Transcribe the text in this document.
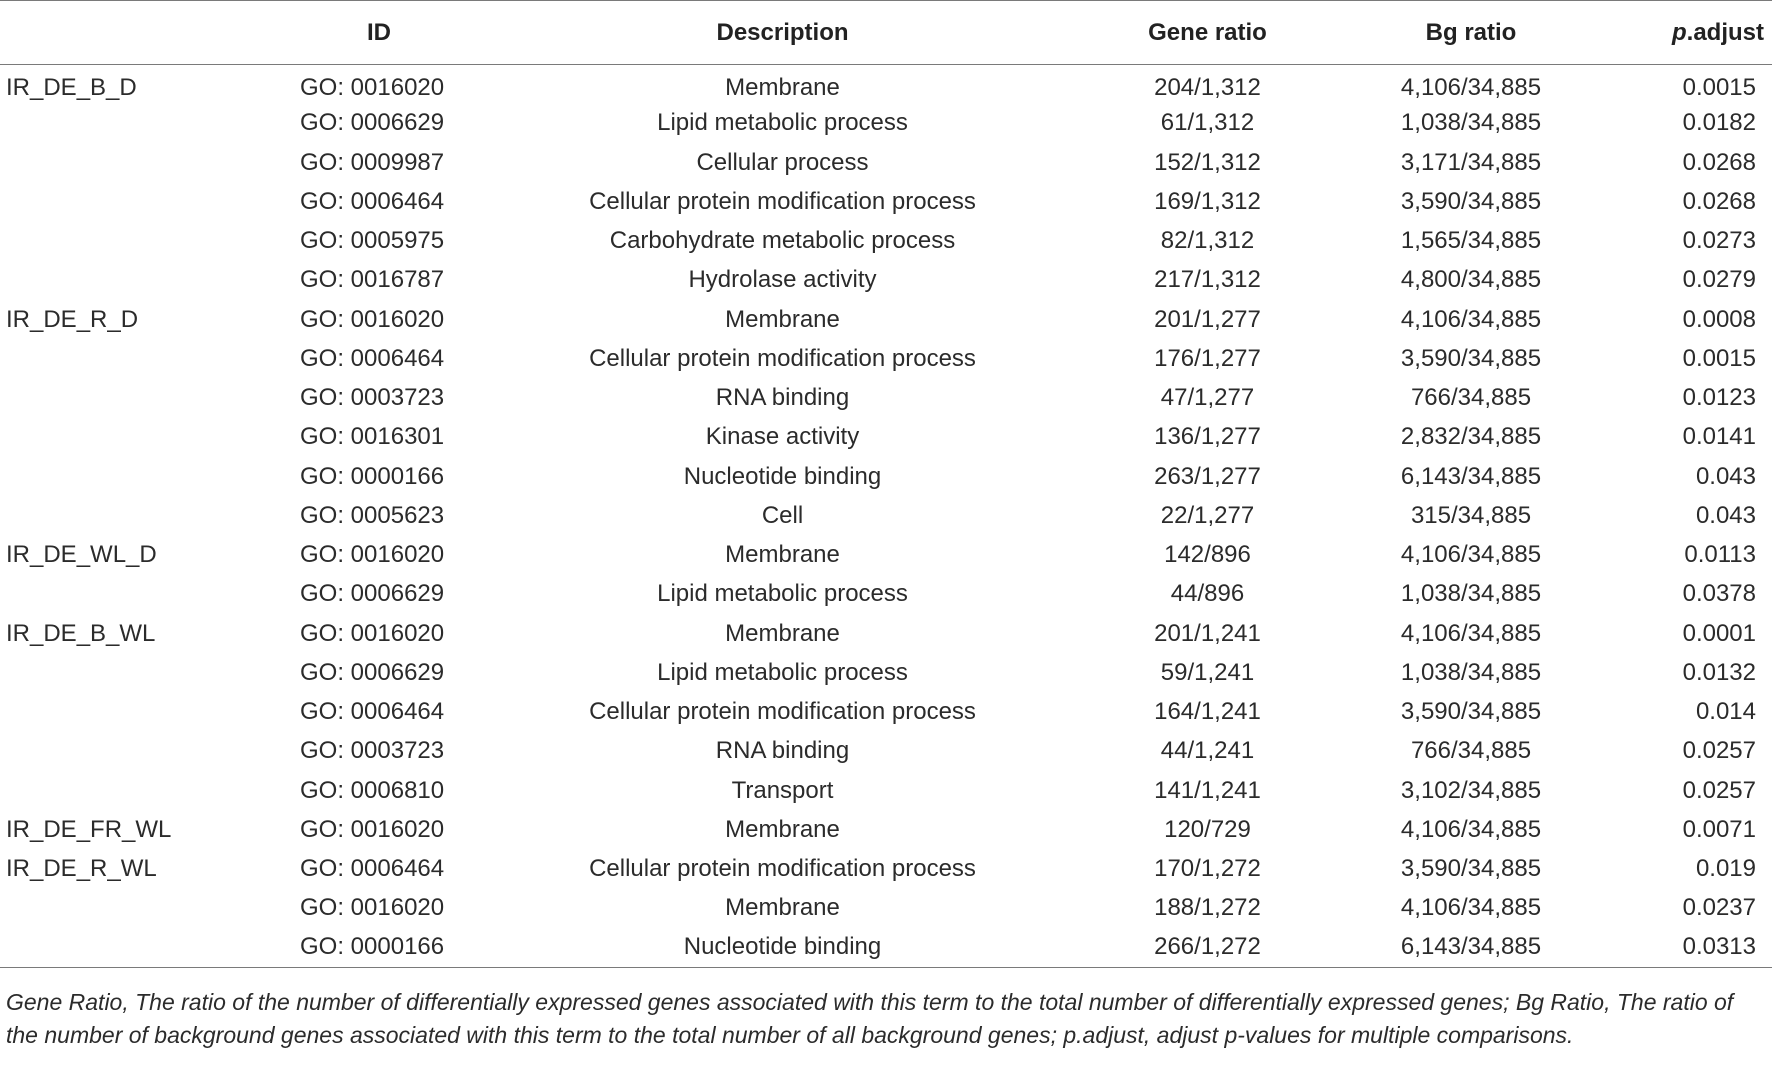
	ID	Description	Gene ratio	Bg ratio	p.adjust
IR_DE_B_D	GO: 0016020	Membrane	204/1,312	4,106/34,885	0.0015
	GO: 0006629	Lipid metabolic process	61/1,312	1,038/34,885	0.0182
	GO: 0009987	Cellular process	152/1,312	3,171/34,885	0.0268
	GO: 0006464	Cellular protein modification process	169/1,312	3,590/34,885	0.0268
	GO: 0005975	Carbohydrate metabolic process	82/1,312	1,565/34,885	0.0273
	GO: 0016787	Hydrolase activity	217/1,312	4,800/34,885	0.0279
IR_DE_R_D	GO: 0016020	Membrane	201/1,277	4,106/34,885	0.0008
	GO: 0006464	Cellular protein modification process	176/1,277	3,590/34,885	0.0015
	GO: 0003723	RNA binding	47/1,277	766/34,885	0.0123
	GO: 0016301	Kinase activity	136/1,277	2,832/34,885	0.0141
	GO: 0000166	Nucleotide binding	263/1,277	6,143/34,885	0.043
	GO: 0005623	Cell	22/1,277	315/34,885	0.043
IR_DE_WL_D	GO: 0016020	Membrane	142/896	4,106/34,885	0.0113
	GO: 0006629	Lipid metabolic process	44/896	1,038/34,885	0.0378
IR_DE_B_WL	GO: 0016020	Membrane	201/1,241	4,106/34,885	0.0001
	GO: 0006629	Lipid metabolic process	59/1,241	1,038/34,885	0.0132
	GO: 0006464	Cellular protein modification process	164/1,241	3,590/34,885	0.014
	GO: 0003723	RNA binding	44/1,241	766/34,885	0.0257
	GO: 0006810	Transport	141/1,241	3,102/34,885	0.0257
IR_DE_FR_WL	GO: 0016020	Membrane	120/729	4,106/34,885	0.0071
IR_DE_R_WL	GO: 0006464	Cellular protein modification process	170/1,272	3,590/34,885	0.019
	GO: 0016020	Membrane	188/1,272	4,106/34,885	0.0237
	GO: 0000166	Nucleotide binding	266/1,272	6,143/34,885	0.0313
Gene Ratio, The ratio of the number of differentially expressed genes associated with this term to the total number of differentially expressed genes; Bg Ratio, The ratio of the number of background genes associated with this term to the total number of all background genes; p.adjust, adjust p-values for multiple comparisons.
